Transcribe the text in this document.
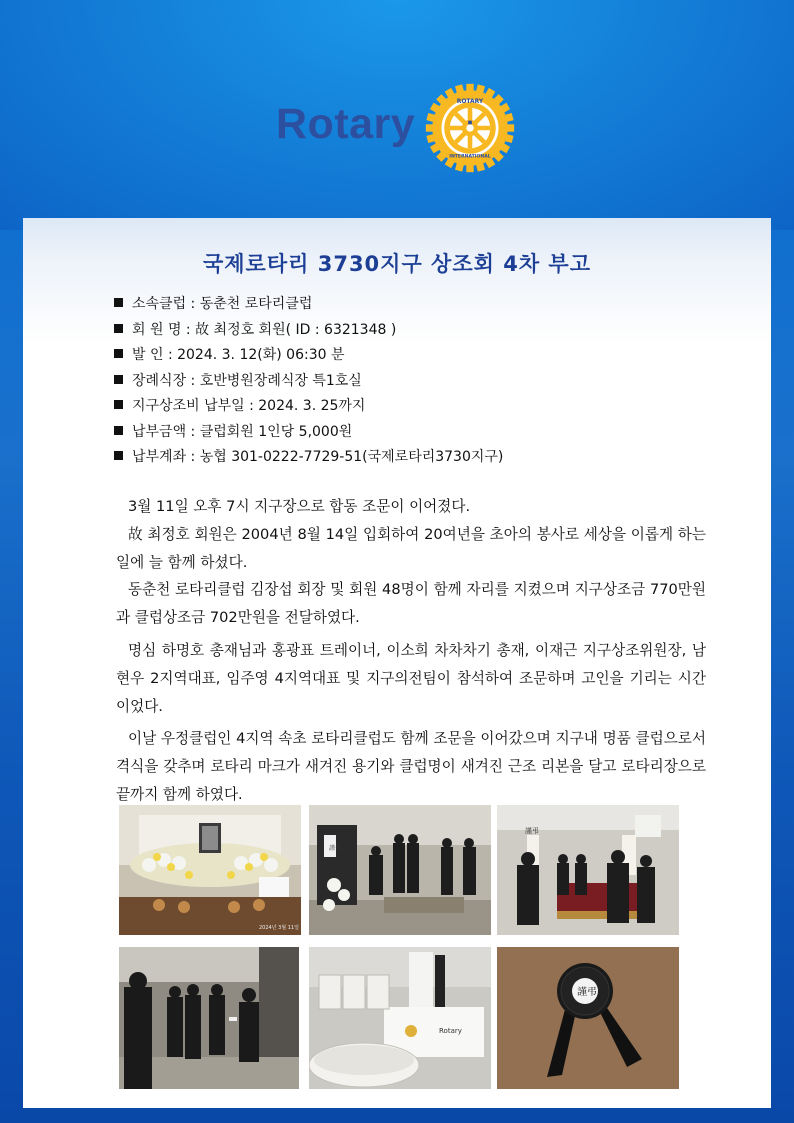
Rotary	ROTARY
INTERNATIONAL
국제로타리 3730지구 상조회 4차 부고
소속클럽 : 동춘천 로타리클럽
회 원 명 : 故 최정호 회원( ID : 6321348 )
발 인 : 2024. 3. 12(화) 06:30 분
장례식장 : 호반병원장례식장 특1호실
지구상조비 납부일 : 2024. 3. 25까지
납부금액 : 클럽회원 1인당 5,000원
납부계좌 : 농협 301-0222-7729-51(국제로타리3730지구)

3월 11일 오후 7시 지구장으로 합동 조문이 이어졌다.

故 최정호 회원은 2004년 8월 14일 입회하여 20여년을 초아의 봉사로 세상을 이롭게 하는 일에 늘 함께 하셨다.

동춘천 로타리클럽 김장섭 회장 및 회원 48명이 함께 자리를 지켰으며 지구상조금 770만원과 클럽상조금 702만원을 전달하였다.

명심 하명호 총재님과 홍광표 트레이너, 이소희 차차차기 총재, 이재근 지구상조위원장, 남현우 2지역대표, 임주영 4지역대표 및 지구의전팀이 참석하여 조문하며 고인을 기리는 시간이었다.

이날 우정클럽인 4지역 속초 로타리클럽도 함께 조문을 이어갔으며 지구내 명품 클럽으로서 격식을 갖추며 로타리 마크가 새겨진 용기와 클럽명이 새겨진 근조 리본을 달고 로타리장으로 끝까지 함께 하였다.

2024년 3월 11일
謹弔
謹弔
Rotary
謹弔
